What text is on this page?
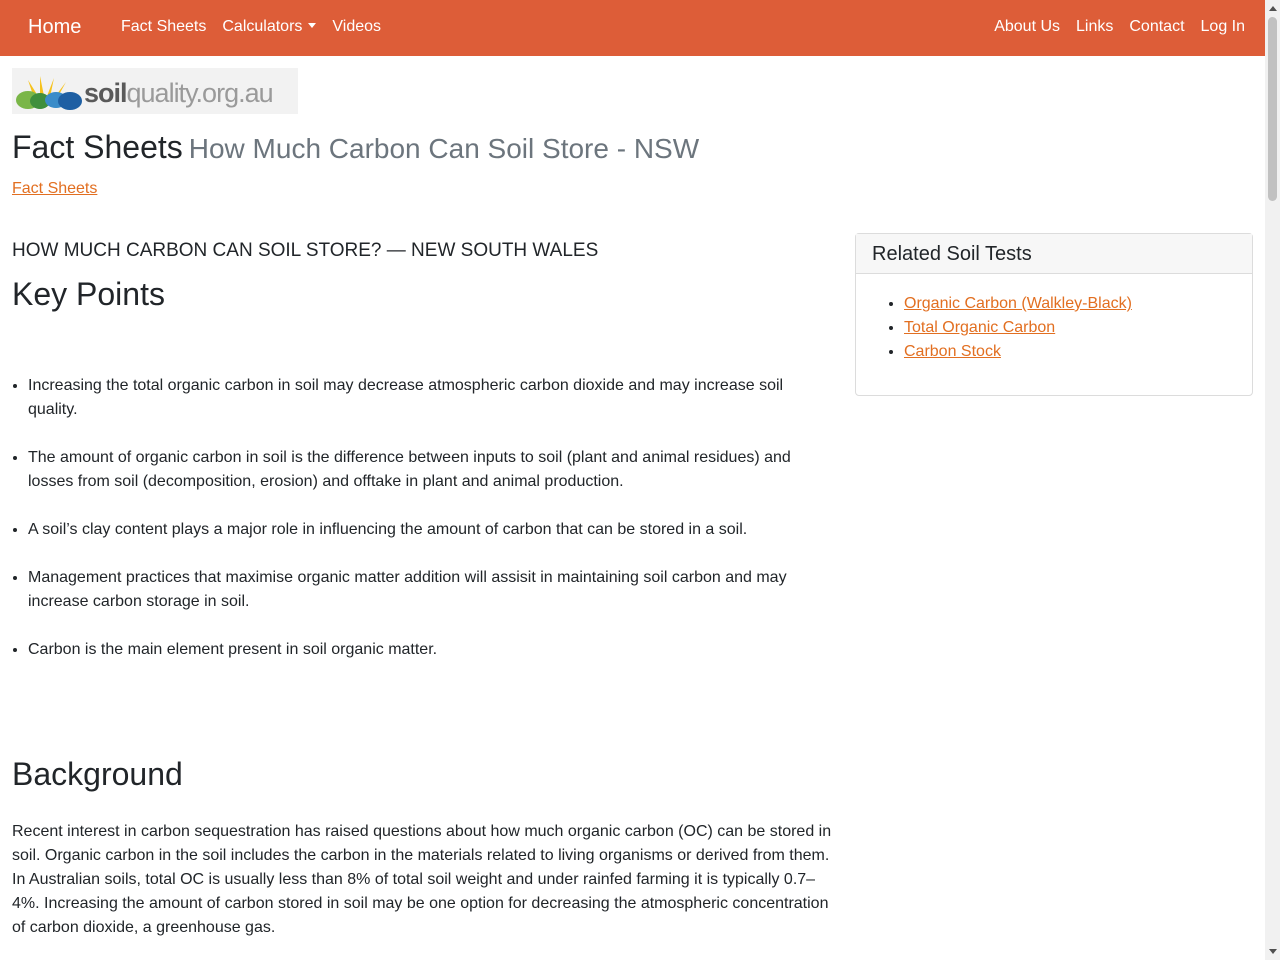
Home Fact Sheets Calculators	Videos	About Us Links Contact Log In
soilquality.org.au
Fact Sheets How Much Carbon Can Soil Store - NSW
Fact Sheets
HOW MUCH CARBON CAN SOIL STORE? — NEW SOUTH WALES
Key Points
• Increasing the total organic carbon in soil may decrease atmospheric carbon dioxide and may increase soil quality.
• The amount of organic carbon in soil is the difference between inputs to soil (plant and animal residues) and losses from soil (decomposition, erosion) and offtake in plant and animal production.
• A soil’s clay content plays a major role in influencing the amount of carbon that can be stored in a soil.
• Management practices that maximise organic matter addition will assisit in maintaining soil carbon and may increase carbon storage in soil.
• Carbon is the main element present in soil organic matter.
Background

Recent interest in carbon sequestration has raised questions about how much organic carbon (OC) can be stored in soil. Organic carbon in the soil includes the carbon in the materials related to living organisms or derived from them. In Australian soils, total OC is usually less than 8% of total soil weight and under rainfed farming it is typically 0.7–4%. Increasing the amount of carbon stored in soil may be one option for decreasing the atmospheric concentration of carbon dioxide, a greenhouse gas.

Related Soil Tests
• Organic Carbon (Walkley-Black)
• Total Organic Carbon
• Carbon Stock
